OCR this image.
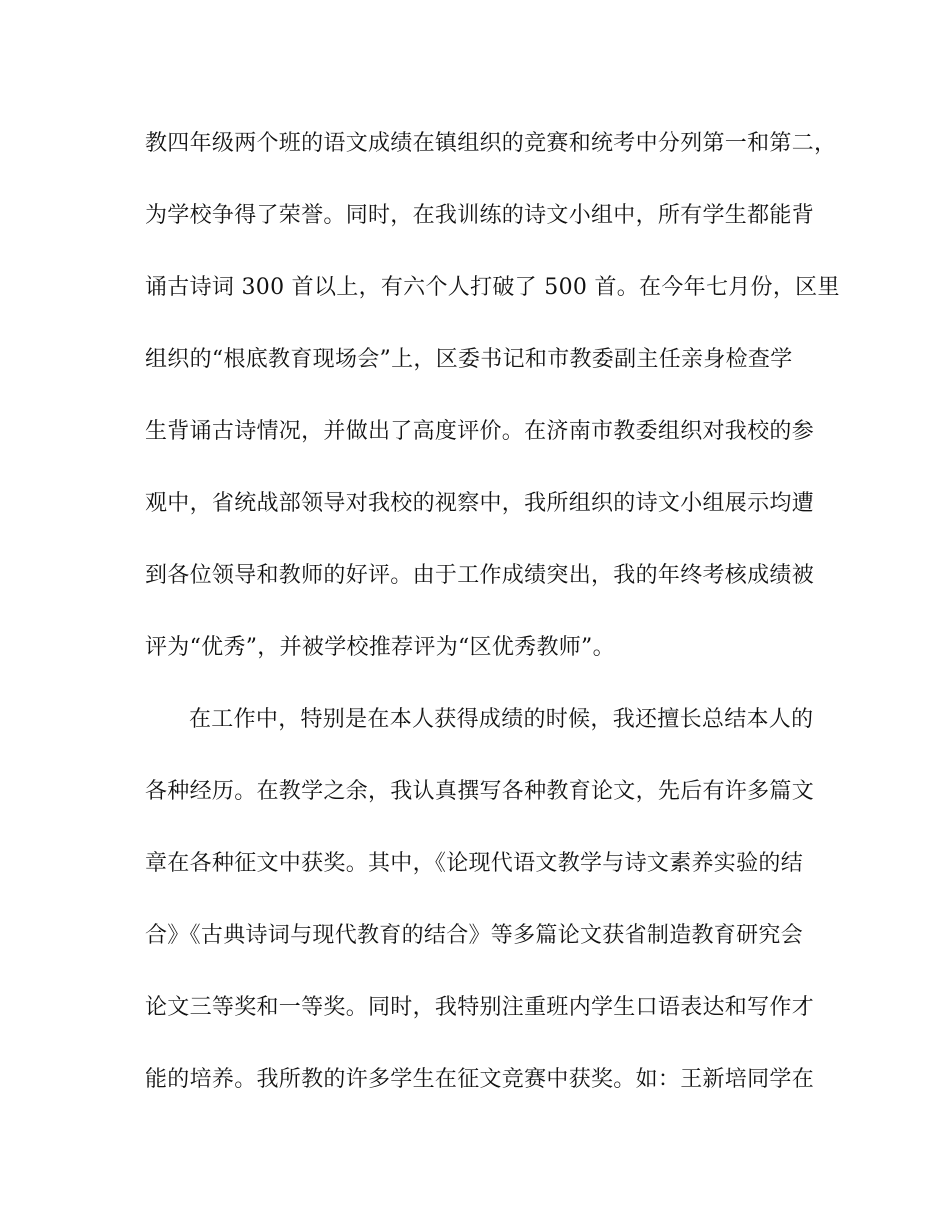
教四年级两个班的语文成绩在镇组织的竞赛和统考中分列第一和第二，
为学校争得了荣誉。同时，在我训练的诗文小组中，所有学生都能背
诵古诗词 300 首以上，有六个人打破了 500 首。在今年七月份，区里
组织的“根底教育现场会”上，区委书记和市教委副主任亲身检查学
生背诵古诗情况，并做出了高度评价。在济南市教委组织对我校的参
观中，省统战部领导对我校的视察中，我所组织的诗文小组展示均遭
到各位领导和教师的好评。由于工作成绩突出，我的年终考核成绩被
评为“优秀”，并被学校推荐评为“区优秀教师”。
在工作中，特别是在本人获得成绩的时候，我还擅长总结本人的
各种经历。在教学之余，我认真撰写各种教育论文，先后有许多篇文
章在各种征文中获奖。其中，《论现代语文教学与诗文素养实验的结
合》《古典诗词与现代教育的结合》等多篇论文获省制造教育研究会
论文三等奖和一等奖。同时，我特别注重班内学生口语表达和写作才
能的培养。我所教的许多学生在征文竞赛中获奖。如：王新培同学在
